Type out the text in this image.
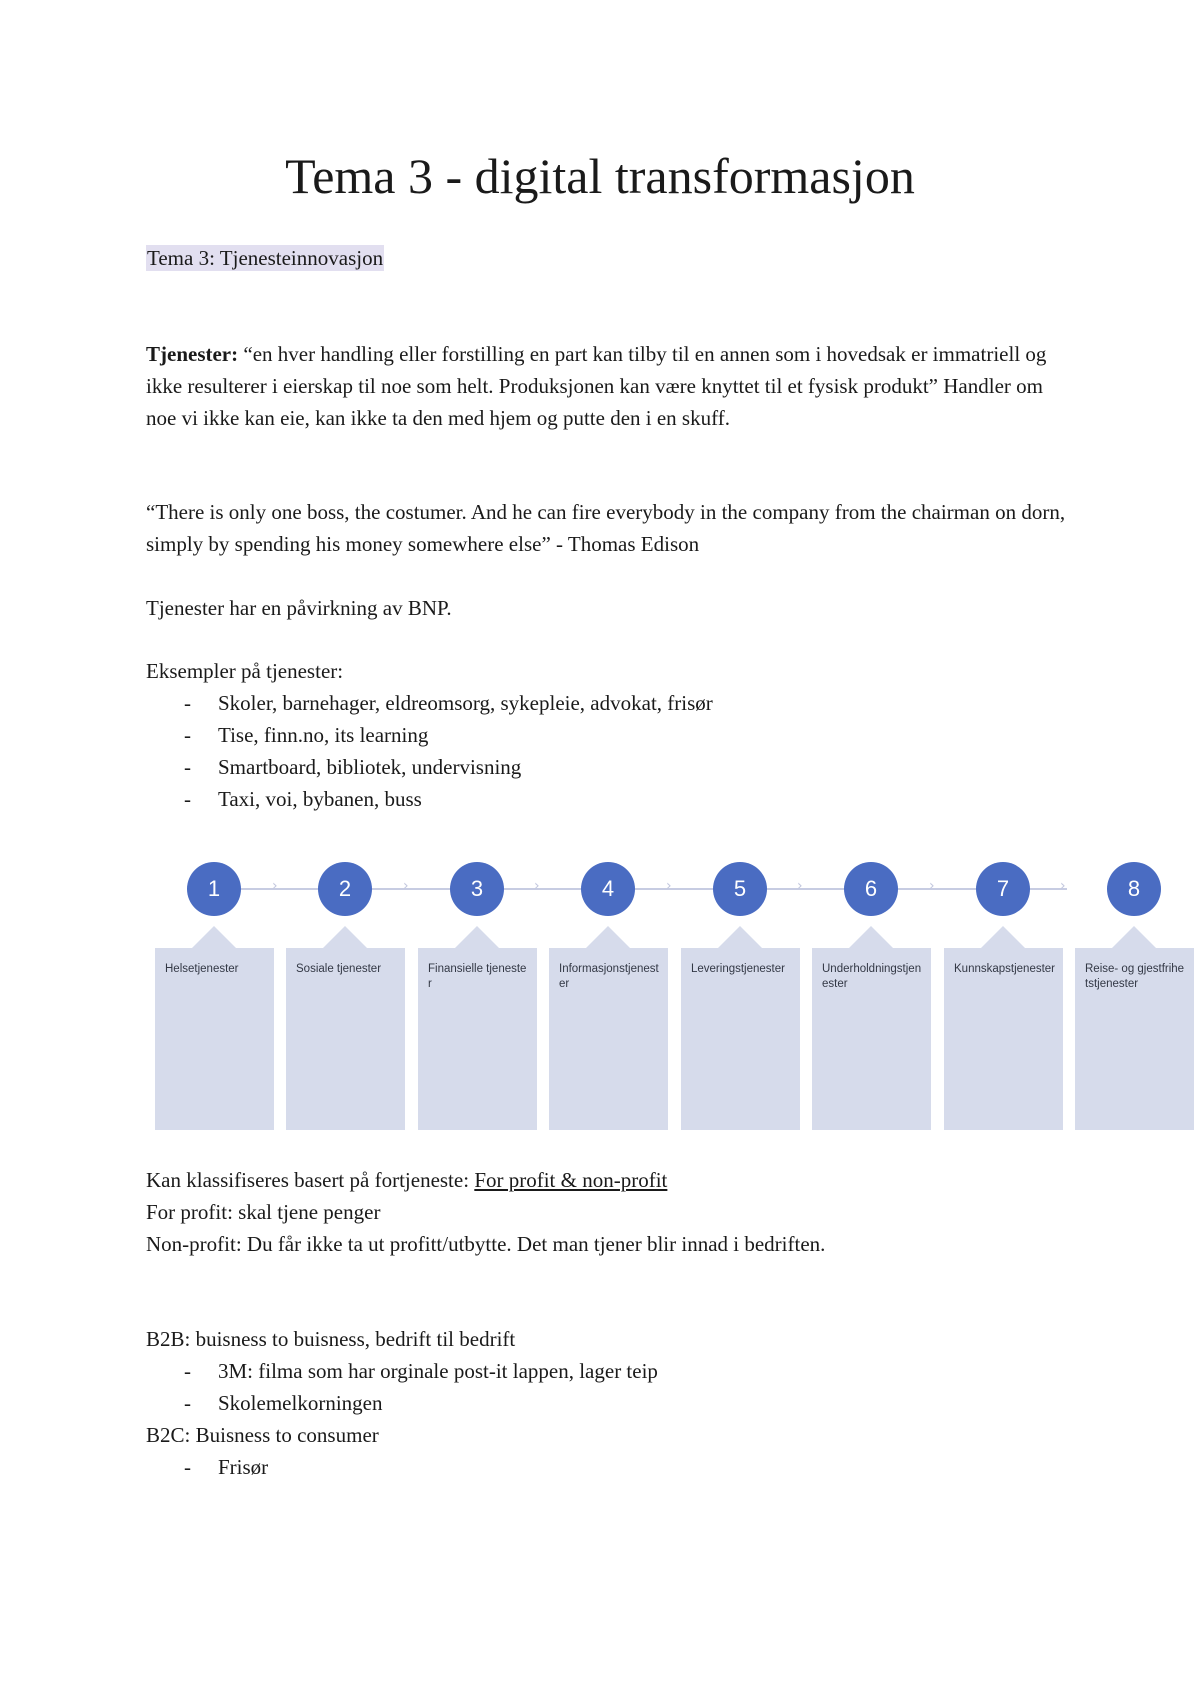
Tema 3 - digital transformasjon
Tema 3: Tjenesteinnovasjon
Tjenester: “en hver handling eller forstilling en part kan tilby til en annen som i hovedsak er immatriell og ikke resulterer i eierskap til noe som helt. Produksjonen kan være knyttet til et fysisk produkt” Handler om noe vi ikke kan eie, kan ikke ta den med hjem og putte den i en skuff.
“There is only one boss, the costumer. And he can fire everybody in the company from the chairman on dorn, simply by spending his money somewhere else” - Thomas Edison
Tjenester har en påvirkning av BNP.
Eksempler på tjenester:
- Skoler, barnehager, eldreomsorg, sykepleie, advokat, frisør
- Tise, finn.no, its learning
- Smartboard, bibliotek, undervisning
- Taxi, voi, bybanen, buss
›	›	›	›	›	›	›
1	2	3	4	5	6	7	8
Helsetjenester	Sosiale tjenester	Finansielle tjenester
Informasjonstjenester
Leveringstjenester	Underholdningstjenester
Kunnskapstjenester	Reise- og gjestfrihetstjenester
Kan klassifiseres basert på fortjeneste: For profit & non-profit
For profit: skal tjene penger
Non-profit: Du får ikke ta ut profitt/utbytte. Det man tjener blir innad i bedriften.
B2B: buisness to buisness, bedrift til bedrift
- 3M: filma som har orginale post-it lappen, lager teip
- Skolemelkorningen
B2C: Buisness to consumer
- Frisør
